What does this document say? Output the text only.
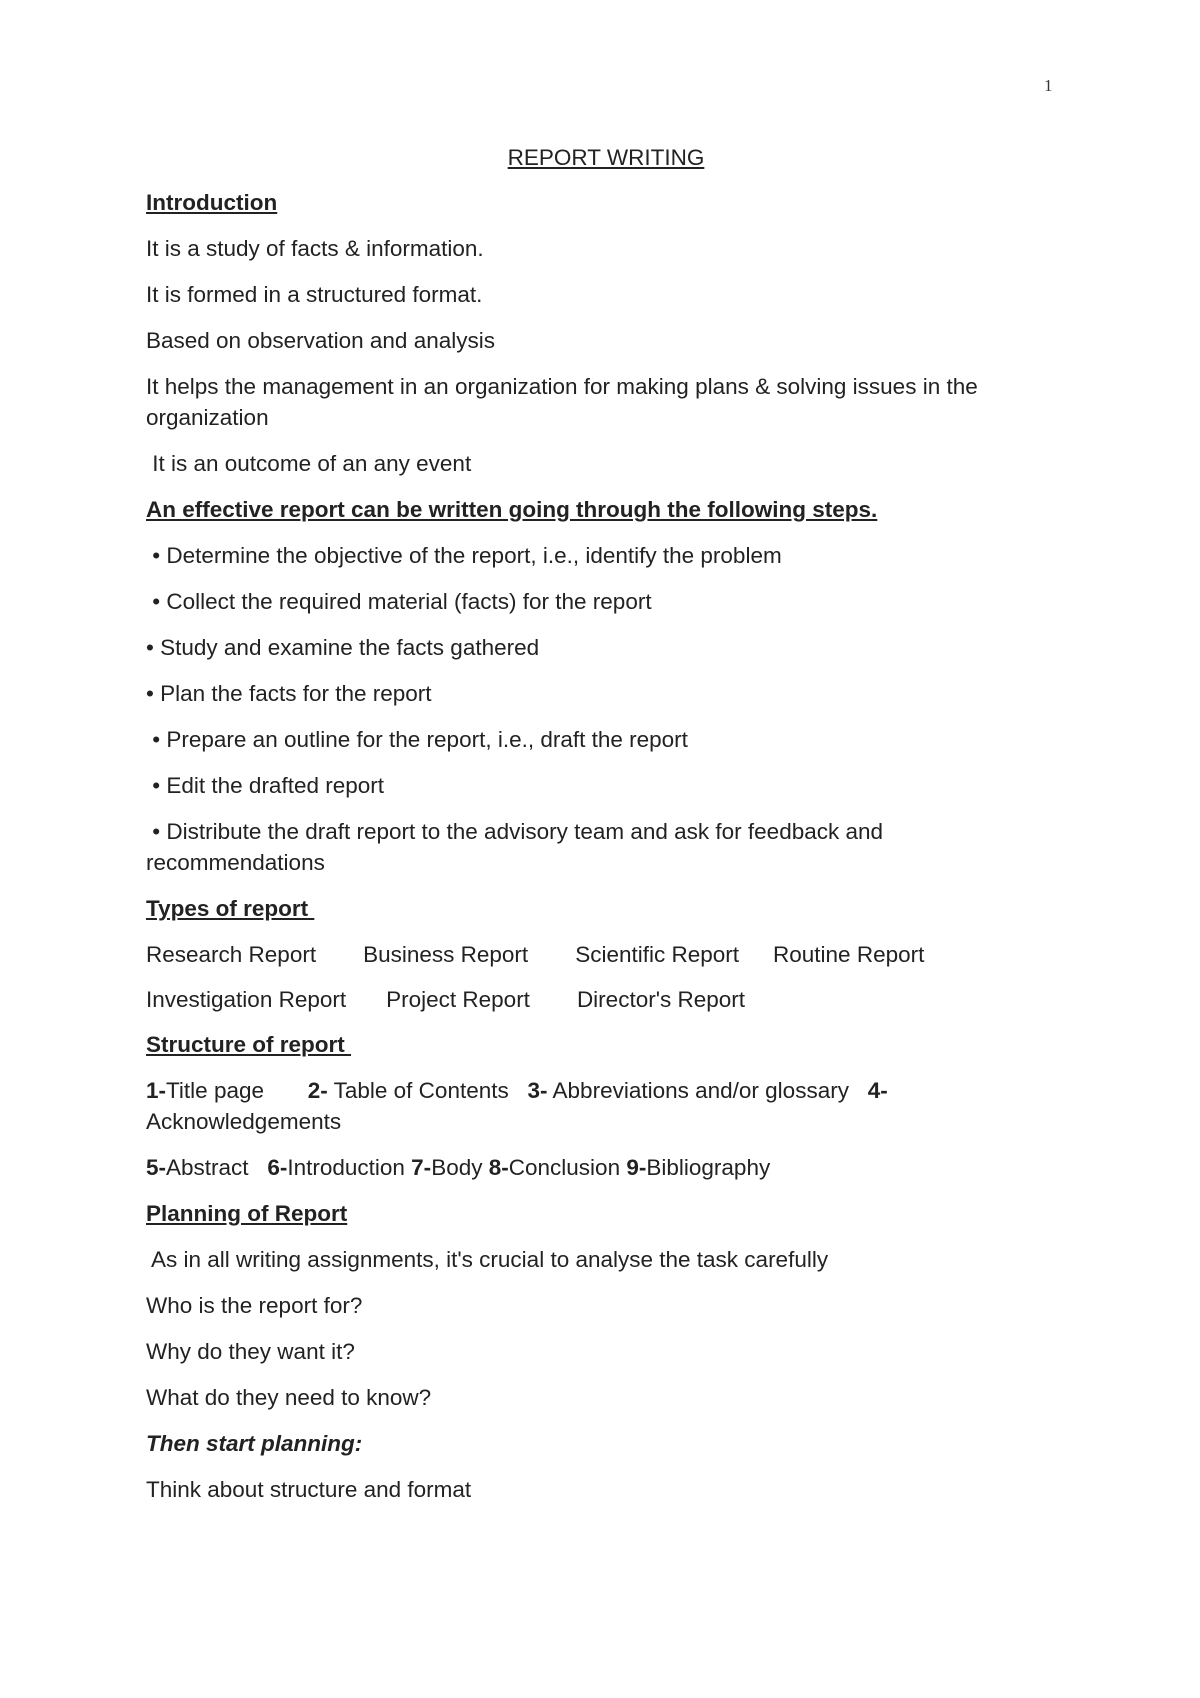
1
REPORT WRITING
Introduction

It is a study of facts & information.

It is formed in a structured format.

Based on observation and analysis

It helps the management in an organization for making plans & solving issues in the organization

It is an outcome of an any event

An effective report can be written going through the following steps.

• Determine the objective of the report, i.e., identify the problem

• Collect the required material (facts) for the report

• Study and examine the facts gathered

• Plan the facts for the report

• Prepare an outline for the report, i.e., draft the report

• Edit the drafted report

• Distribute the draft report to the advisory team and ask for feedback and recommendations

Types of report
Research Report Business Report Scientific Report Routine Report
Investigation Report Project Report Director's Report
Structure of report

1-Title page 2- Table of Contents 3- Abbreviations and/or glossary 4- Acknowledgements

5-Abstract 6-Introduction 7-Body 8-Conclusion 9-Bibliography

Planning of Report

As in all writing assignments, it's crucial to analyse the task carefully

Who is the report for?

Why do they want it?

What do they need to know?

Then start planning:

Think about structure and format
